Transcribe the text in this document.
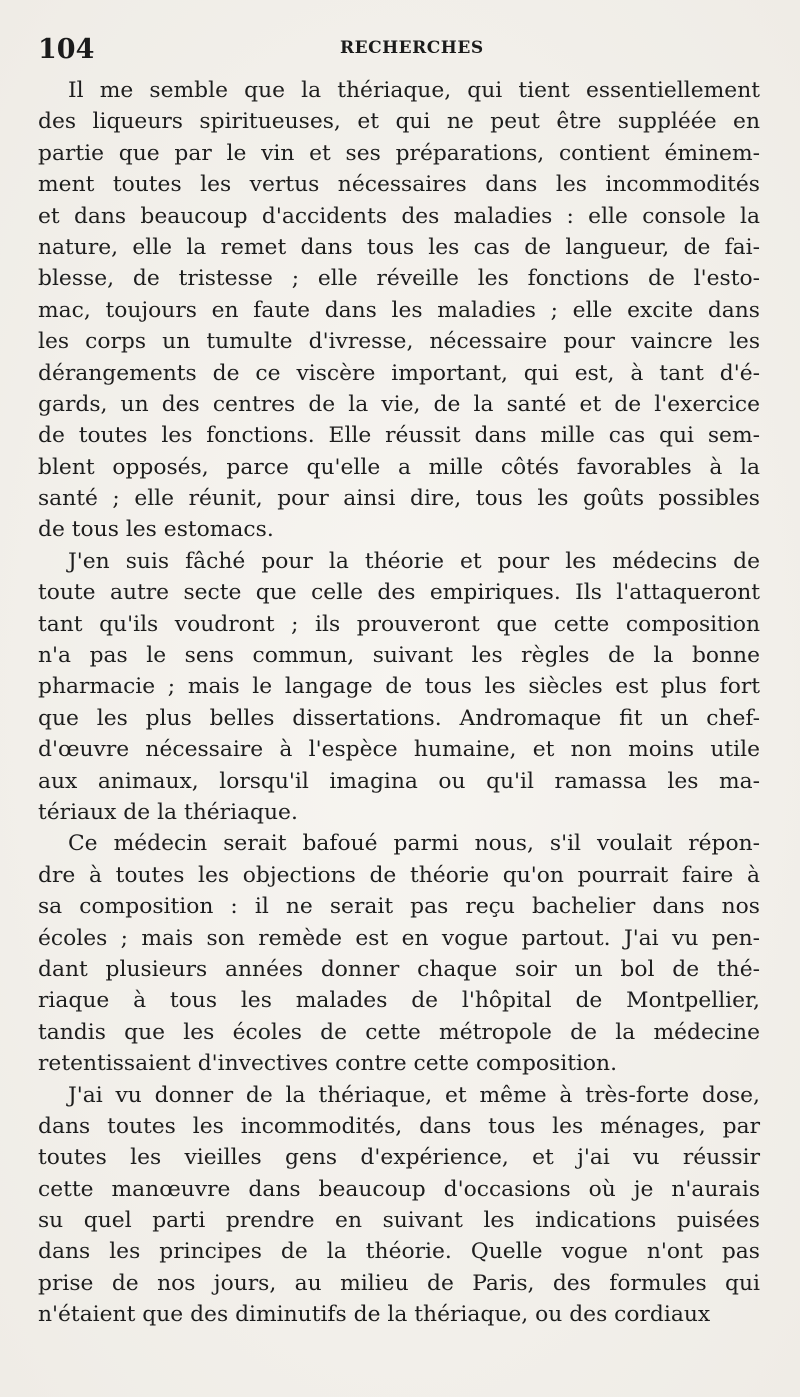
104	RECHERCHES
Il me semble que la thériaque, qui tient essentiellement
des liqueurs spiritueuses, et qui ne peut être suppléée en
partie que par le vin et ses préparations, contient éminem-
ment toutes les vertus nécessaires dans les incommodités
et dans beaucoup d'accidents des maladies : elle console la
nature, elle la remet dans tous les cas de langueur, de fai-
blesse, de tristesse ; elle réveille les fonctions de l'esto-
mac, toujours en faute dans les maladies ; elle excite dans
les corps un tumulte d'ivresse, nécessaire pour vaincre les
dérangements de ce viscère important, qui est, à tant d'é-
gards, un des centres de la vie, de la santé et de l'exercice
de toutes les fonctions. Elle réussit dans mille cas qui sem-
blent opposés, parce qu'elle a mille côtés favorables à la
santé ; elle réunit, pour ainsi dire, tous les goûts possibles
de tous les estomacs.
J'en suis fâché pour la théorie et pour les médecins de
toute autre secte que celle des empiriques. Ils l'attaqueront
tant qu'ils voudront ; ils prouveront que cette composition
n'a pas le sens commun, suivant les règles de la bonne
pharmacie ; mais le langage de tous les siècles est plus fort
que les plus belles dissertations. Andromaque fit un chef-
d'œuvre nécessaire à l'espèce humaine, et non moins utile
aux animaux, lorsqu'il imagina ou qu'il ramassa les ma-
tériaux de la thériaque.
Ce médecin serait bafoué parmi nous, s'il voulait répon-
dre à toutes les objections de théorie qu'on pourrait faire à
sa composition : il ne serait pas reçu bachelier dans nos
écoles ; mais son remède est en vogue partout. J'ai vu pen-
dant plusieurs années donner chaque soir un bol de thé-
riaque à tous les malades de l'hôpital de Montpellier,
tandis que les écoles de cette métropole de la médecine
retentissaient d'invectives contre cette composition.
J'ai vu donner de la thériaque, et même à très-forte dose,
dans toutes les incommodités, dans tous les ménages, par
toutes les vieilles gens d'expérience, et j'ai vu réussir
cette manœuvre dans beaucoup d'occasions où je n'aurais
su quel parti prendre en suivant les indications puisées
dans les principes de la théorie. Quelle vogue n'ont pas
prise de nos jours, au milieu de Paris, des formules qui
n'étaient que des diminutifs de la thériaque, ou des cordiaux
